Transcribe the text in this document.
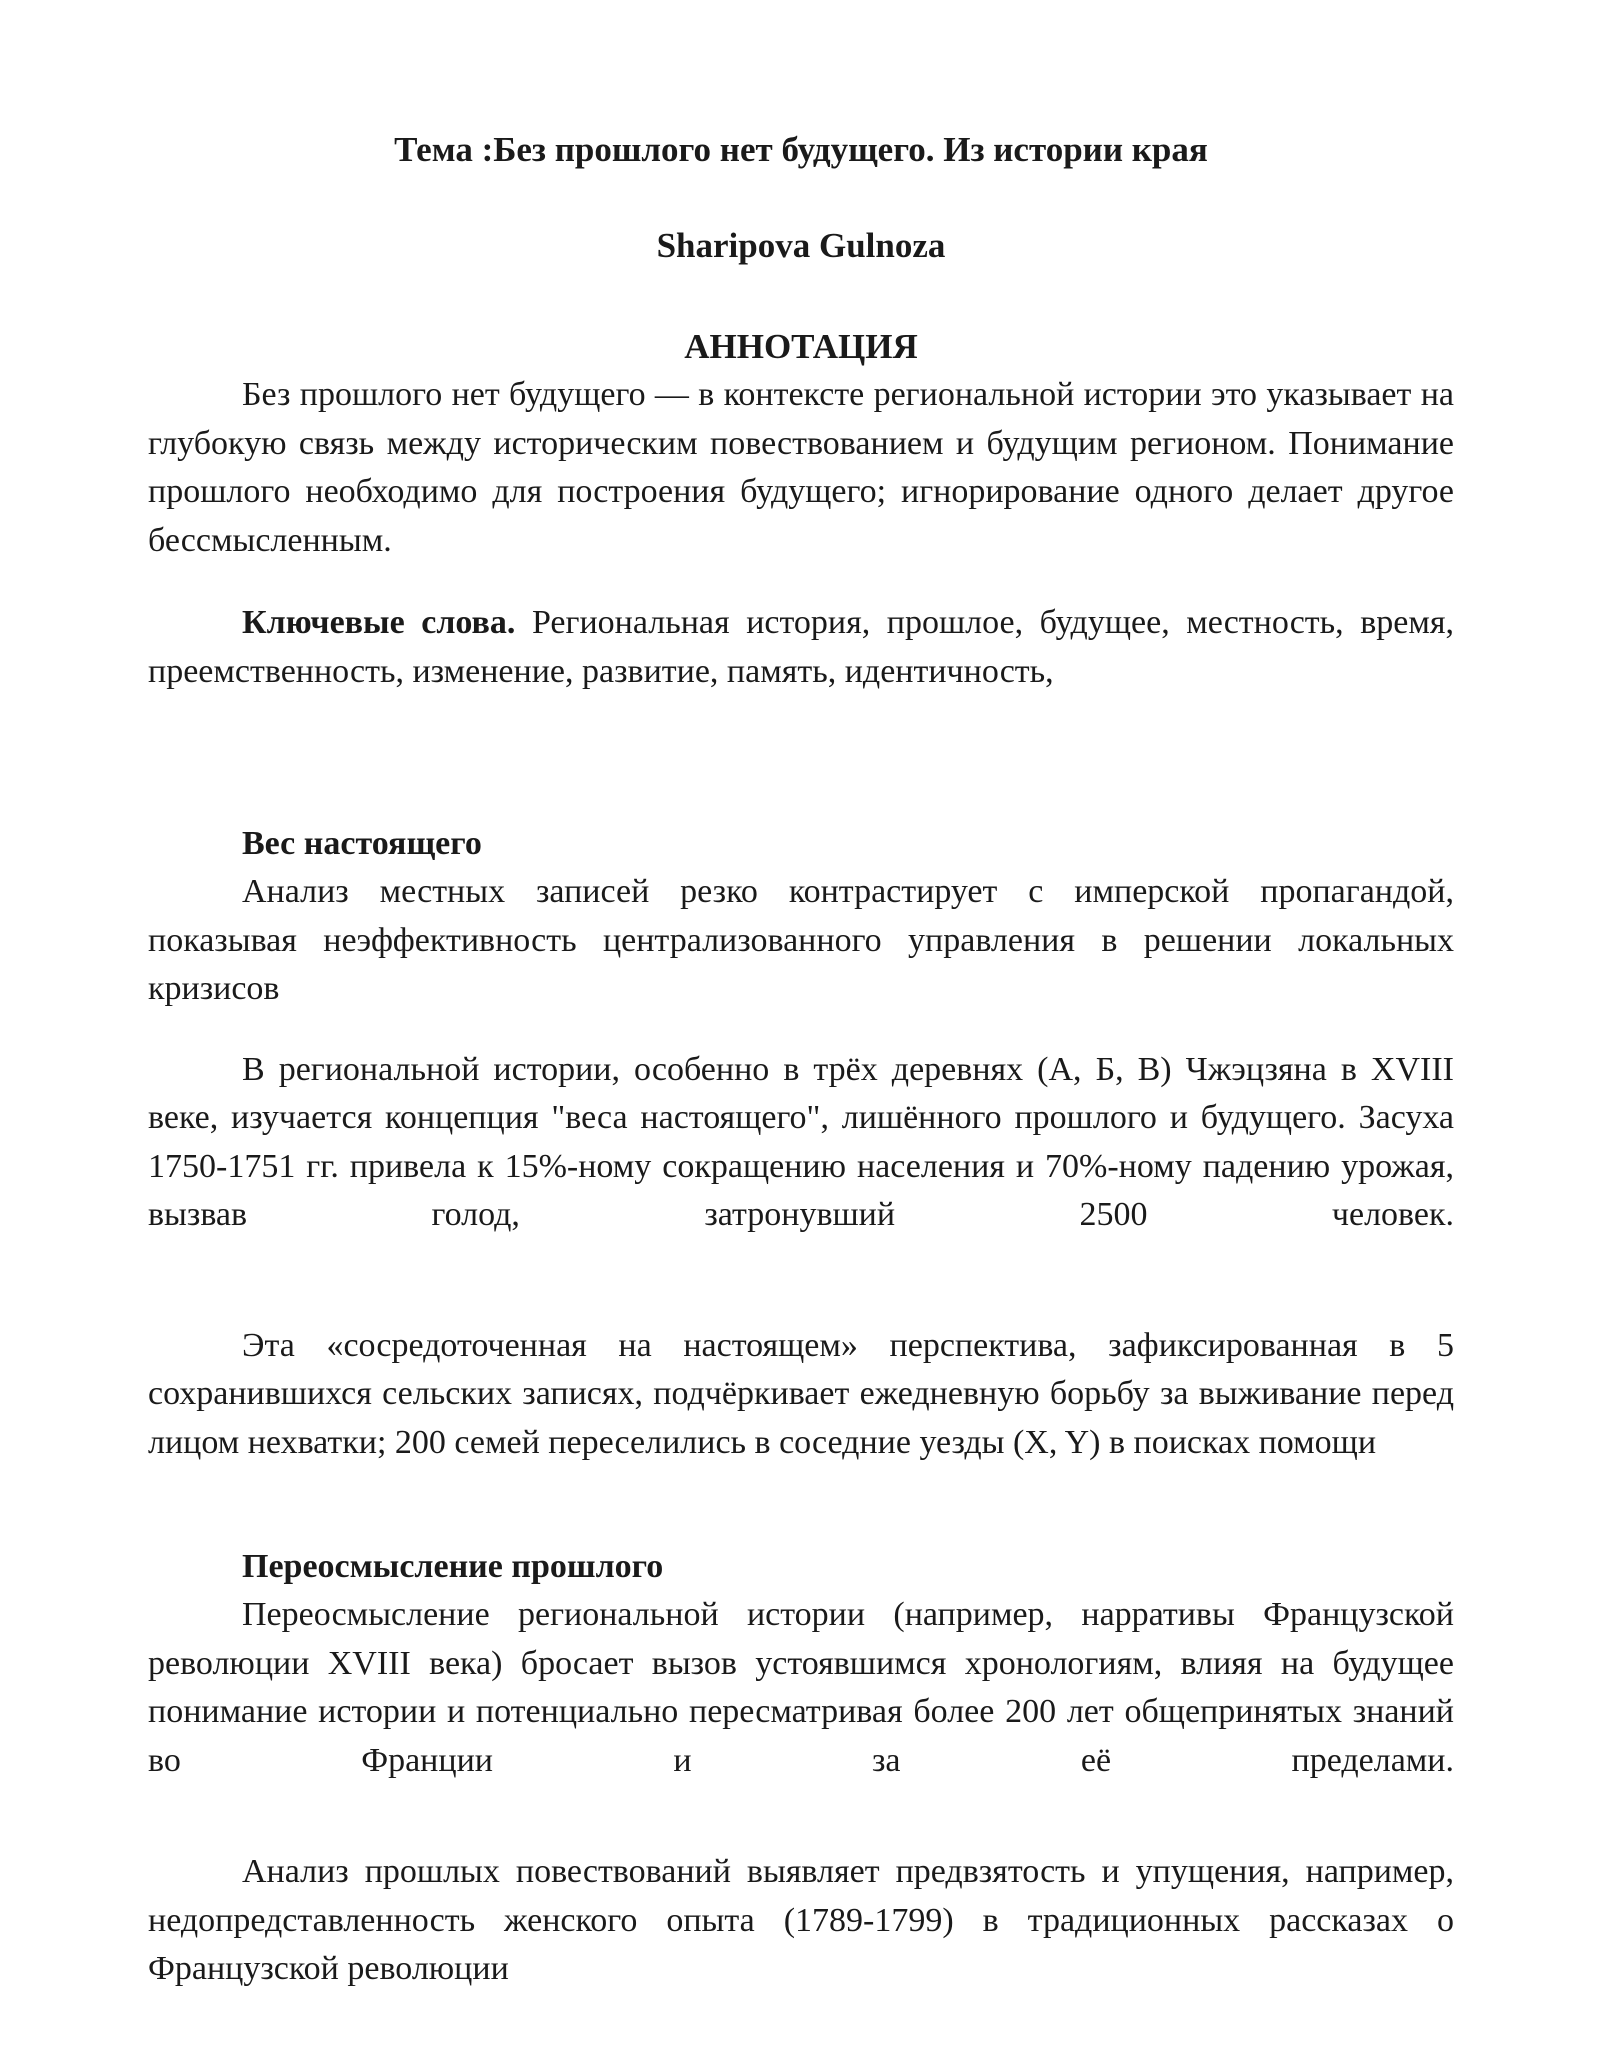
Тема :Без прошлого нет будущего. Из истории края
Sharipova Gulnoza
АННОТАЦИЯ

Без прошлого нет будущего — в контексте региональной истории это указывает на глубокую связь между историческим повествованием и будущим регионом. Понимание прошлого необходимо для построения будущего; игнорирование одного делает другое бессмысленным.

Ключевые слова. Региональная история, прошлое, будущее, местность, время, преемственность, изменение, развитие, память, идентичность,

Вес настоящего

Анализ местных записей резко контрастирует с имперской пропагандой, показывая неэффективность централизованного управления в решении локальных кризисов

В региональной истории, особенно в трёх деревнях (А, Б, В) Чжэцзяна в XVIII веке, изучается концепция "веса настоящего", лишённого прошлого и будущего. Засуха 1750-1751 гг. привела к 15%-ному сокращению населения и 70%-ному падению урожая, вызвав голод, затронувший 2500 человек.

Эта «сосредоточенная на настоящем» перспектива, зафиксированная в 5 сохранившихся сельских записях, подчёркивает ежедневную борьбу за выживание перед лицом нехватки; 200 семей переселились в соседние уезды (X, Y) в поисках помощи

Переосмысление прошлого

Переосмысление региональной истории (например, нарративы Французской революции XVIII века) бросает вызов устоявшимся хронологиям, влияя на будущее понимание истории и потенциально пересматривая более 200 лет общепринятых знаний во Франции и за её пределами.

Анализ прошлых повествований выявляет предвзятость и упущения, например, недопредставленность женского опыта (1789-1799) в традиционных рассказах о Французской революции
